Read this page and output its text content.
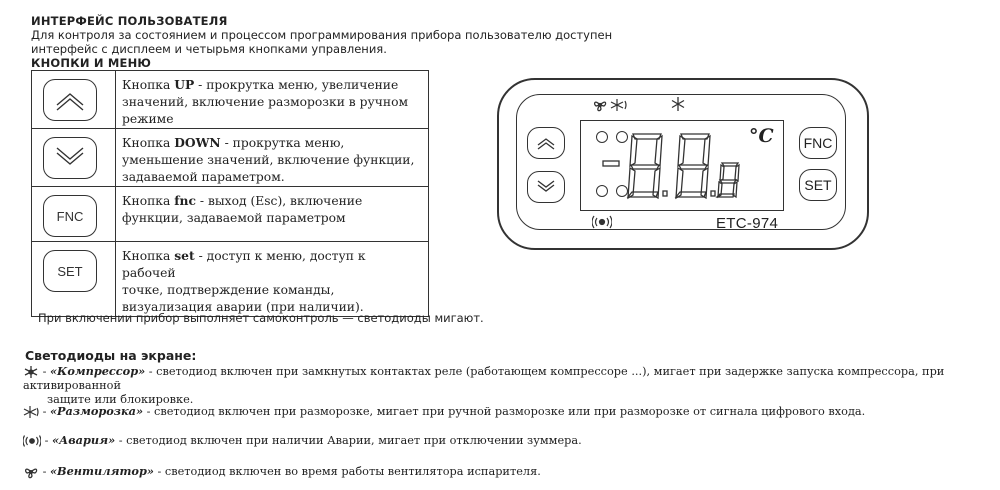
ИНТЕРФЕЙС ПОЛЬЗОВАТЕЛЯ
Для контроля за состоянием и процессом программирования прибора пользователю доступен
интерфейс с дисплеем и четырьмя кнопками управления.
КНОПКИ И МЕНЮ
	Кнопка UP - прокрутка меню, увеличение
значений, включение разморозки в ручном
режиме

	Кнопка DOWN - прокрутка меню,
уменьшение значений, включение функции,
задаваемой параметром.

FNC	Кнопка fnc - выход (Esc), включение
функции, задаваемой параметром

SET	Кнопка set - доступ к меню, доступ к рабочей
точке, подтверждение команды,
визуализация аварии (при наличии).
FNC
SET
°C
ETC-974
При включении прибор выполняет самоконтроль — светодиоды мигают.
Светодиоды на экране:
- «Компрессор» - светодиод включен при замкнутых контактах реле (работающем компрессоре ...), мигает при задержке запуска компрессора, при активированной
защите или блокировке.
- «Разморозка» - светодиод включен при разморозке, мигает при ручной разморозке или при разморозке от сигнала цифрового входа.
- «Авария» - светодиод включен при наличии Аварии, мигает при отключении зуммера.
- «Вентилятор» - светодиод включен во время работы вентилятора испарителя.
